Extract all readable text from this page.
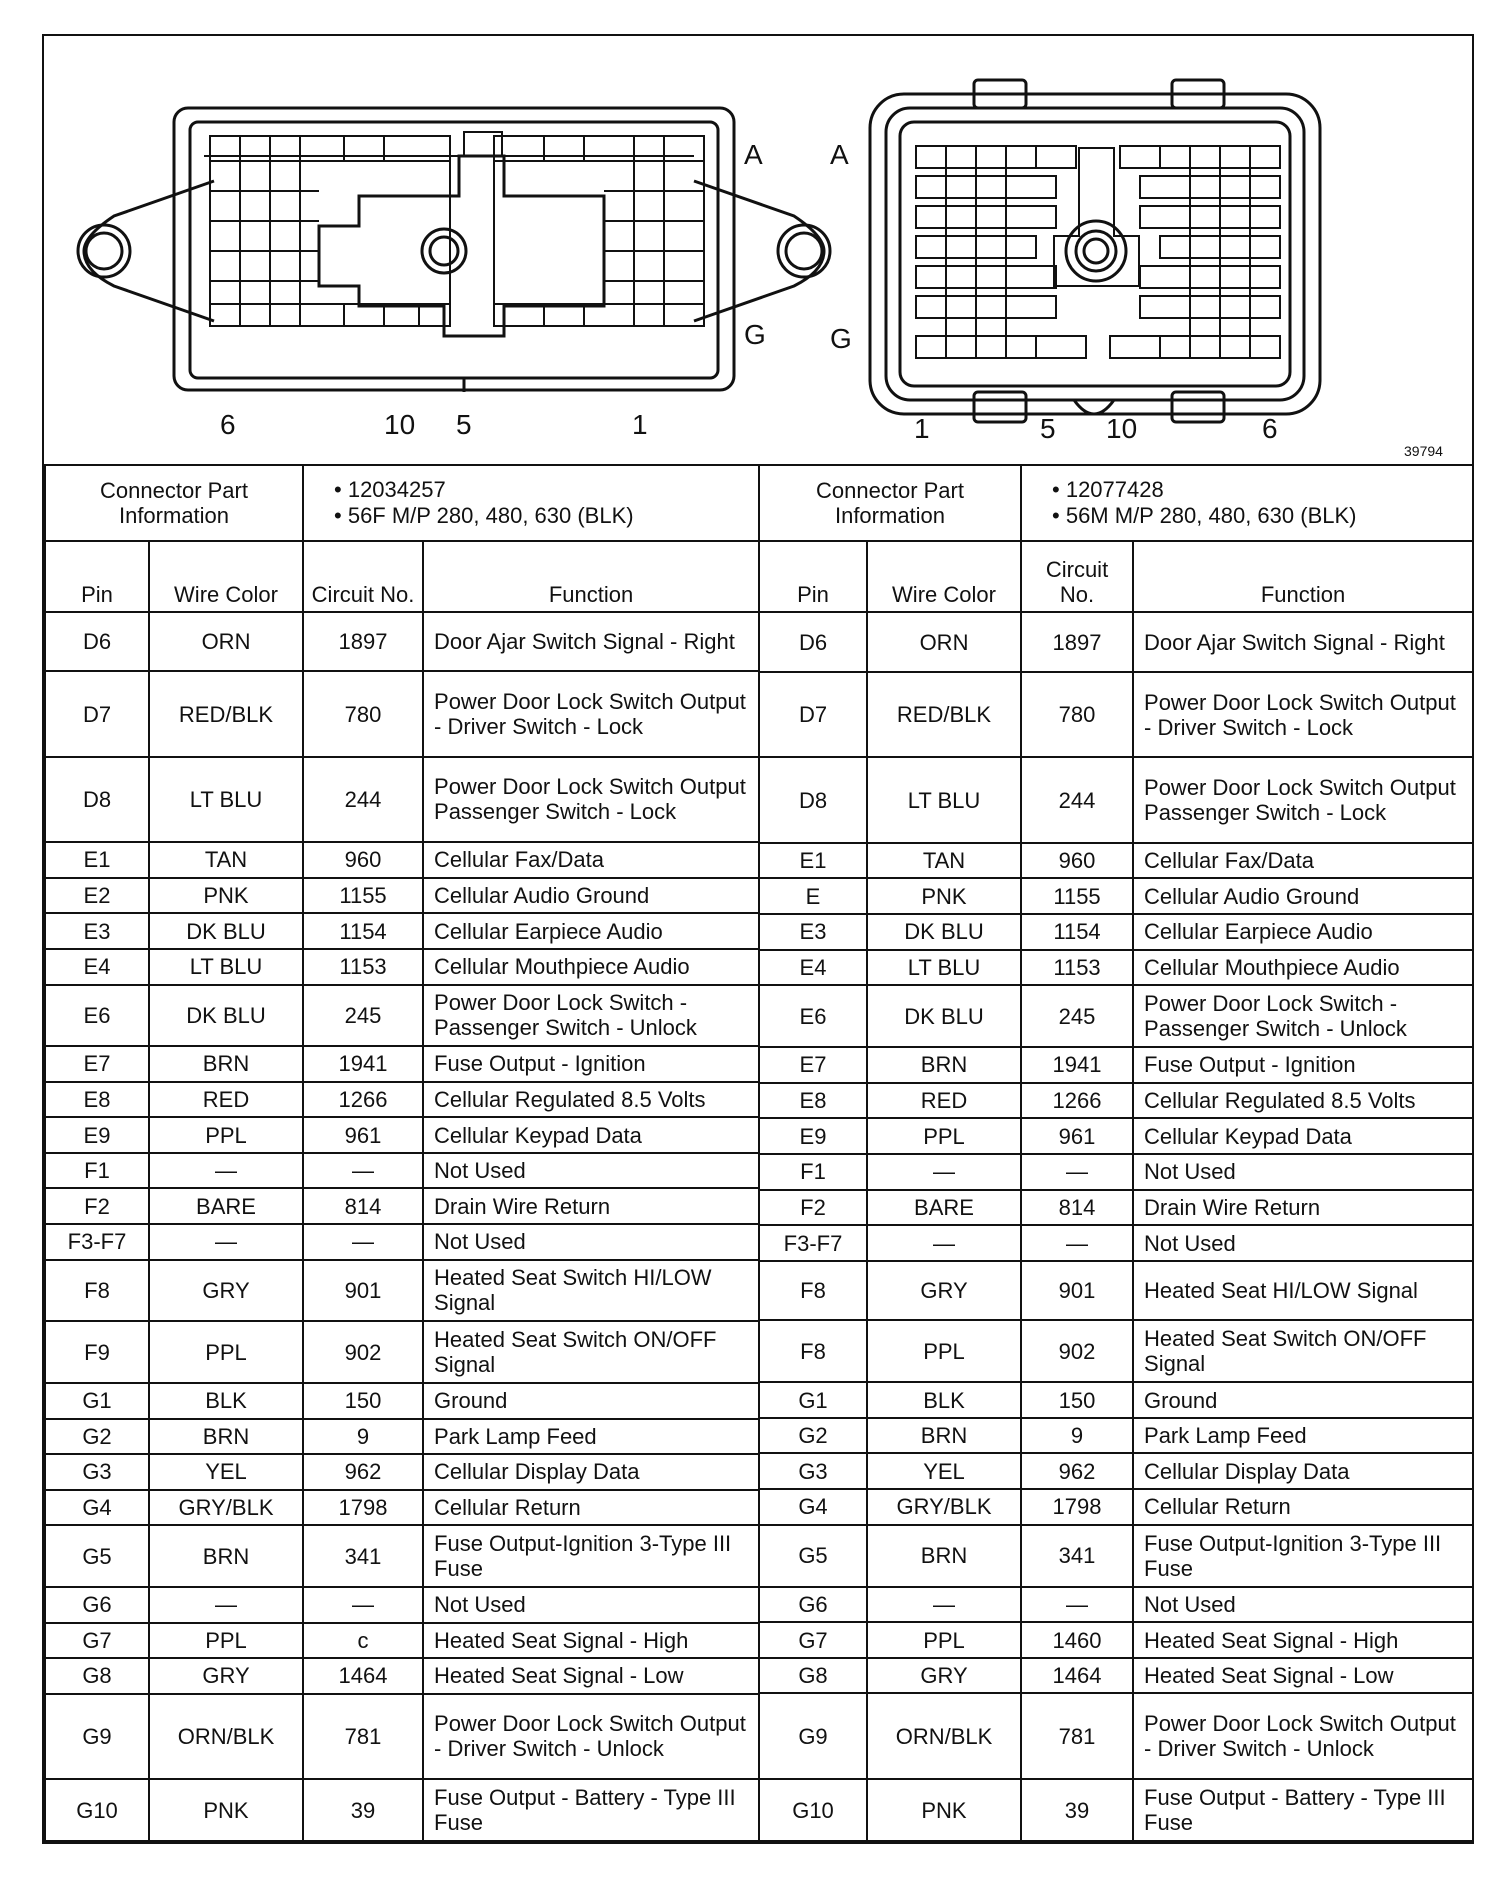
A
G
6	10 5	1
A
G
1	5 10	6
39794
Connector Part Information		• 12034257
• 56F M/P 280, 480, 630 (BLK)	

Pin	Wire Color	Circuit No.	Function
D6	ORN	1897	Door Ajar Switch Signal - Right
D7	RED/BLK	780	Power Door Lock Switch Output - Driver Switch - Lock
D8	LT BLU	244	Power Door Lock Switch Output Passenger Switch - Lock
E1	TAN	960	Cellular Fax/Data
E2	PNK	1155	Cellular Audio Ground
E3	DK BLU	1154	Cellular Earpiece Audio
E4	LT BLU	1153	Cellular Mouthpiece Audio
E6	DK BLU	245	Power Door Lock Switch - Passenger Switch - Unlock
E7	BRN	1941	Fuse Output - Ignition
E8	RED	1266	Cellular Regulated 8.5 Volts
E9	PPL	961	Cellular Keypad Data
F1	—	—	Not Used
F2	BARE	814	Drain Wire Return
F3-F7	—	—	Not Used
F8	GRY	901	Heated Seat Switch HI/LOW Signal
F9	PPL	902	Heated Seat Switch ON/OFF Signal
G1	BLK	150	Ground
G2	BRN	9	Park Lamp Feed
G3	YEL	962	Cellular Display Data
G4	GRY/BLK	1798	Cellular Return
G5	BRN	341	Fuse Output-Ignition 3-Type III Fuse
G6	—	—	Not Used
G7	PPL	c	Heated Seat Signal - High
G8	GRY	1464	Heated Seat Signal - Low
G9	ORN/BLK	781	Power Door Lock Switch Output - Driver Switch - Unlock
G10	PNK	39	Fuse Output - Battery - Type III Fuse
Connector Part Information		• 12077428
• 56M M/P 280, 480, 630 (BLK)	

Pin	Wire Color	Circuit No.	Function
D6	ORN	1897	Door Ajar Switch Signal - Right
D7	RED/BLK	780	Power Door Lock Switch Output - Driver Switch - Lock
D8	LT BLU	244	Power Door Lock Switch Output Passenger Switch - Lock
E1	TAN	960	Cellular Fax/Data
E	PNK	1155	Cellular Audio Ground
E3	DK BLU	1154	Cellular Earpiece Audio
E4	LT BLU	1153	Cellular Mouthpiece Audio
E6	DK BLU	245	Power Door Lock Switch - Passenger Switch - Unlock
E7	BRN	1941	Fuse Output - Ignition
E8	RED	1266	Cellular Regulated 8.5 Volts
E9	PPL	961	Cellular Keypad Data
F1	—	—	Not Used
F2	BARE	814	Drain Wire Return
F3-F7	—	—	Not Used
F8	GRY	901	Heated Seat HI/LOW Signal
F8	PPL	902	Heated Seat Switch ON/OFF Signal
G1	BLK	150	Ground
G2	BRN	9	Park Lamp Feed
G3	YEL	962	Cellular Display Data
G4	GRY/BLK	1798	Cellular Return
G5	BRN	341	Fuse Output-Ignition 3-Type III Fuse
G6	—	—	Not Used
G7	PPL	1460	Heated Seat Signal - High
G8	GRY	1464	Heated Seat Signal - Low
G9	ORN/BLK	781	Power Door Lock Switch Output - Driver Switch - Unlock
G10	PNK	39	Fuse Output - Battery - Type III Fuse
